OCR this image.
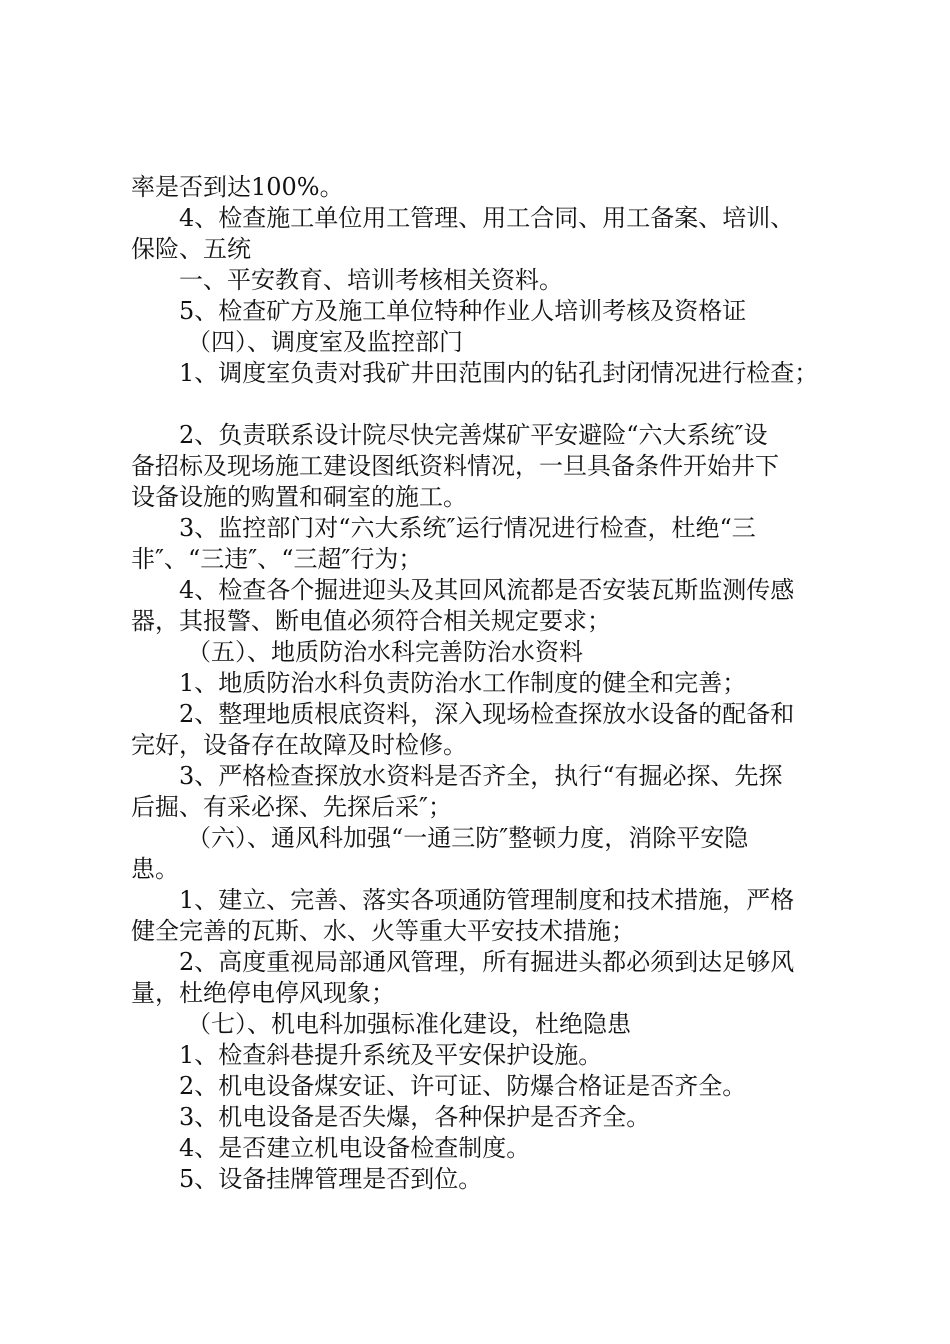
率是否到达100%。
4、检查施工单位用工管理、用工合同、用工备案、培训、
保险、五统
一、平安教育、培训考核相关资料。
5、检查矿方及施工单位特种作业人培训考核及资格证
（四）、调度室及监控部门
1、调度室负责对我矿井田范围内的钻孔封闭情况进行检查；
2、负责联系设计院尽快完善煤矿平安避险“六大系统″设
备招标及现场施工建设图纸资料情况，一旦具备条件开始井下
设备设施的购置和硐室的施工。
3、监控部门对“六大系统″运行情况进行检查，杜绝“三
非″、“三违″、“三超″行为；
4、检查各个掘进迎头及其回风流都是否安装瓦斯监测传感
器，其报警、断电值必须符合相关规定要求；
（五）、地质防治水科完善防治水资料
1、地质防治水科负责防治水工作制度的健全和完善；
2、整理地质根底资料，深入现场检查探放水设备的配备和
完好，设备存在故障及时检修。
3、严格检查探放水资料是否齐全，执行“有掘必探、先探
后掘、有采必探、先探后采″；
（六）、通风科加强“一通三防″整顿力度，消除平安隐
患。
1、建立、完善、落实各项通防管理制度和技术措施，严格
健全完善的瓦斯、水、火等重大平安技术措施；
2、高度重视局部通风管理，所有掘进头都必须到达足够风
量，杜绝停电停风现象；
（七）、机电科加强标准化建设，杜绝隐患
1、检查斜巷提升系统及平安保护设施。
2、机电设备煤安证、许可证、防爆合格证是否齐全。
3、机电设备是否失爆，各种保护是否齐全。
4、是否建立机电设备检查制度。
5、设备挂牌管理是否到位。
